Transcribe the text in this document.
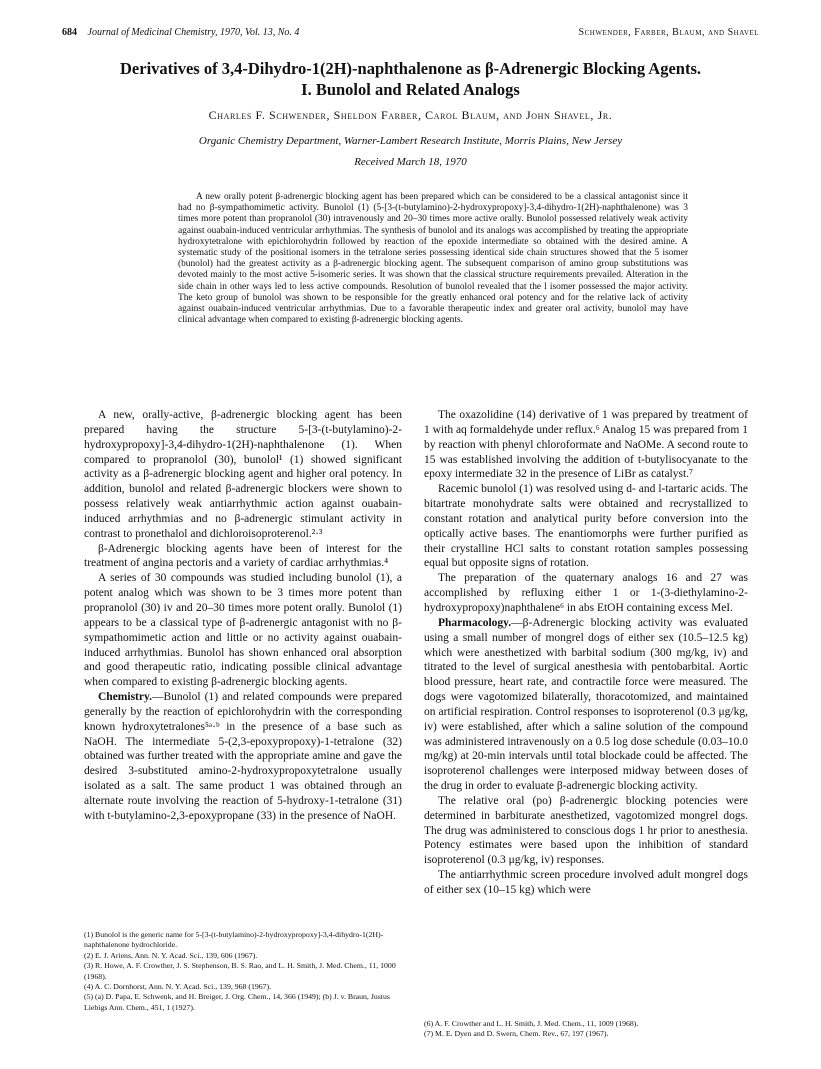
684 Journal of Medicinal Chemistry, 1970, Vol. 13, No. 4	Schwender, Farber, Blaum, and Shavel
Derivatives of 3,4-Dihydro-1(2H)-naphthalenone as β-Adrenergic Blocking Agents. I. Bunolol and Related Analogs
Charles F. Schwender, Sheldon Farber, Carol Blaum, and John Shavel, Jr.
Organic Chemistry Department, Warner-Lambert Research Institute, Morris Plains, New Jersey
Received March 18, 1970

A new orally potent β-adrenergic blocking agent has been prepared which can be considered to be a classical antagonist since it had no β-sympathomimetic activity. Bunolol (1) (5-[3-(t-butylamino)-2-hydroxypropoxy]-3,4-dihydro-1(2H)-naphthalenone) was 3 times more potent than propranolol (30) intravenously and 20–30 times more active orally. Bunolol possessed relatively weak activity against ouabain-induced ventricular arrhythmias. The synthesis of bunolol and its analogs was accomplished by treating the appropriate hydroxytetralone with epichlorohydrin followed by reaction of the epoxide intermediate so obtained with the desired amine. A systematic study of the positional isomers in the tetralone series possessing identical side chain structures showed that the 5 isomer (bunolol) had the greatest activity as a β-adrenergic blocking agent. The subsequent comparison of amino group substitutions was devoted mainly to the most active 5-isomeric series. It was shown that the classical structure requirements prevailed. Alteration in the side chain in other ways led to less active compounds. Resolution of bunolol revealed that the l isomer possessed the major activity. The keto group of bunolol was shown to be responsible for the greatly enhanced oral potency and for the relative lack of activity against ouabain-induced ventricular arrhythmias. Due to a favorable therapeutic index and greater oral activity, bunolol may have clinical advantage when compared to existing β-adrenergic blocking agents.

A new, orally-active, β-adrenergic blocking agent has been prepared having the structure 5-[3-(t-butylamino)-2-hydroxypropoxy]-3,4-dihydro-1(2H)-naphthalenone (1). When compared to propranolol (30), bunolol¹ (1) showed significant activity as a β-adrenergic blocking agent and higher oral potency. In addition, bunolol and related β-adrenergic blockers were shown to possess relatively weak antiarrhythmic action against ouabain-induced arrhythmias and no β-adrenergic stimulant activity in contrast to pronethalol and dichloroisoproterenol.²·³

β-Adrenergic blocking agents have been of interest for the treatment of angina pectoris and a variety of cardiac arrhythmias.⁴

A series of 30 compounds was studied including bunolol (1), a potent analog which was shown to be 3 times more potent than propranolol (30) iv and 20–30 times more potent orally. Bunolol (1) appears to be a classical type of β-adrenergic antagonist with no β-sympathomimetic action and little or no activity against ouabain-induced arrhythmias. Bunolol has shown enhanced oral absorption and good therapeutic ratio, indicating possible clinical advantage when compared to existing β-adrenergic blocking agents.

Chemistry.—Bunolol (1) and related compounds were prepared generally by the reaction of epichlorohydrin with the corresponding known hydroxytetralones⁵ᵃ·ᵇ in the presence of a base such as NaOH. The intermediate 5-(2,3-epoxypropoxy)-1-tetralone (32) obtained was further treated with the appropriate amine and gave the desired 3-substituted amino-2-hydroxypropoxytetralone usually isolated as a salt. The same product 1 was obtained through an alternate route involving the reaction of 5-hydroxy-1-tetralone (31) with t-butylamino-2,3-epoxypropane (33) in the presence of NaOH.

The oxazolidine (14) derivative of 1 was prepared by treatment of 1 with aq formaldehyde under reflux.⁶ Analog 15 was prepared from 1 by reaction with phenyl chloroformate and NaOMe. A second route to 15 was established involving the addition of t-butylisocyanate to the epoxy intermediate 32 in the presence of LiBr as catalyst.⁷

Racemic bunolol (1) was resolved using d- and l-tartaric acids. The bitartrate monohydrate salts were obtained and recrystallized to constant rotation and analytical purity before conversion into the optically active bases. The enantiomorphs were further purified as their crystalline HCl salts to constant rotation samples possessing equal but opposite signs of rotation.

The preparation of the quaternary analogs 16 and 27 was accomplished by refluxing either 1 or 1-(3-diethylamino-2-hydroxypropoxy)naphthalene⁶ in abs EtOH containing excess MeI.

Pharmacology.—β-Adrenergic blocking activity was evaluated using a small number of mongrel dogs of either sex (10.5–12.5 kg) which were anesthetized with barbital sodium (300 mg/kg, iv) and titrated to the level of surgical anesthesia with pentobarbital. Aortic blood pressure, heart rate, and contractile force were measured. The dogs were vagotomized bilaterally, thoracotomized, and maintained on artificial respiration. Control responses to isoproterenol (0.3 μg/kg, iv) were established, after which a saline solution of the compound was administered intravenously on a 0.5 log dose schedule (0.03–10.0 mg/kg) at 20-min intervals until total blockade could be affected. The isoproterenol challenges were interposed midway between doses of the drug in order to evaluate β-adrenergic blocking activity.

The relative oral (po) β-adrenergic blocking potencies were determined in barbiturate anesthetized, vagotomized mongrel dogs. The drug was administered to conscious dogs 1 hr prior to anesthesia. Potency estimates were based upon the inhibition of standard isoproterenol (0.3 μg/kg, iv) responses.

The antiarrhythmic screen procedure involved adult mongrel dogs of either sex (10–15 kg) which were

(1) Bunolol is the generic name for 5-[3-(t-butylamino)-2-hydroxypropoxy]-3,4-dihydro-1(2H)-naphthalenone hydrochloride.

(2) E. J. Ariens, Ann. N. Y. Acad. Sci., 139, 606 (1967).

(3) R. Howe, A. F. Crowther, J. S. Stephenson, B. S. Rao, and L. H. Smith, J. Med. Chem., 11, 1000 (1968).

(4) A. C. Dornhorst, Ann. N. Y. Acad. Sci., 139, 968 (1967).

(5) (a) D. Papa, E. Schwenk, and H. Breiger, J. Org. Chem., 14, 366 (1949); (b) J. v. Braun, Justus Liebigs Ann. Chem., 451, 1 (1927).

(6) A. F. Crowther and L. H. Smith, J. Med. Chem., 11, 1009 (1968).

(7) M. E. Dyen and D. Swern, Chem. Rev., 67, 197 (1967).
